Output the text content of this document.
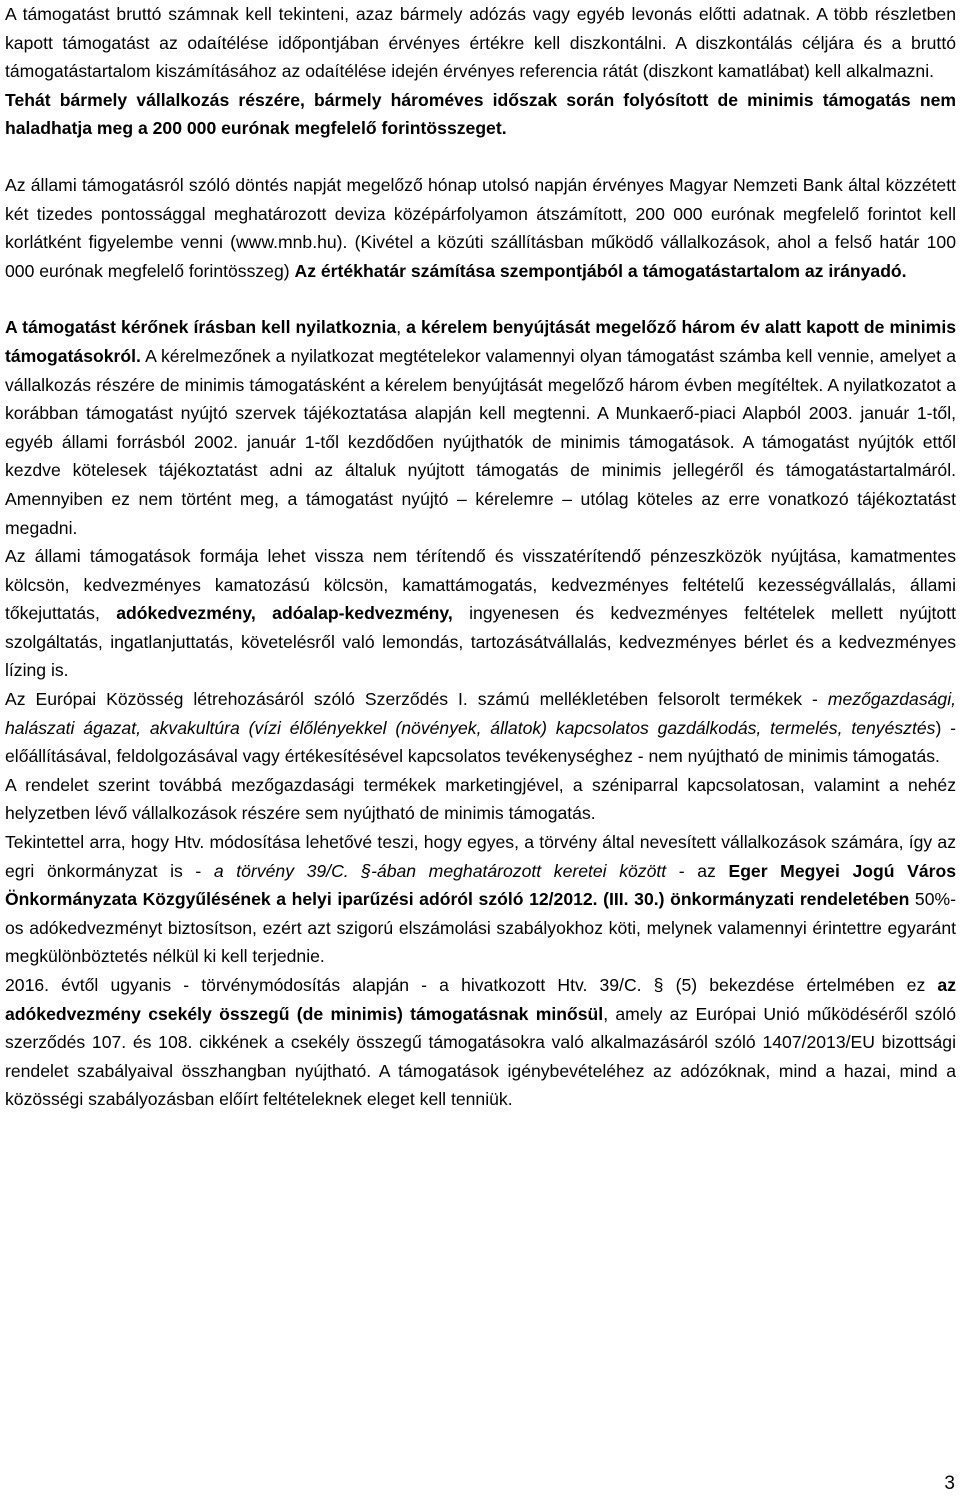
A támogatást bruttó számnak kell tekinteni, azaz bármely adózás vagy egyéb levonás előtti adatnak. A több részletben kapott támogatást az odaítélése időpontjában érvényes értékre kell diszkontálni. A diszkontálás céljára és a bruttó támogatástartalom kiszámításához az odaítélése idején érvényes referencia rátát (diszkont kamatlábat) kell alkalmazni.

Tehát bármely vállalkozás részére, bármely hároméves időszak során folyósított de minimis támogatás nem haladhatja meg a 200 000 eurónak megfelelő forintösszeget.

Az állami támogatásról szóló döntés napját megelőző hónap utolsó napján érvényes Magyar Nemzeti Bank által közzétett két tizedes pontossággal meghatározott deviza középárfolyamon átszámított, 200 000 eurónak megfelelő forintot kell korlátként figyelembe venni (www.mnb.hu). (Kivétel a közúti szállításban működő vállalkozások, ahol a felső határ 100 000 eurónak megfelelő forintösszeg) Az értékhatár számítása szempontjából a támogatástartalom az irányadó.

A támogatást kérőnek írásban kell nyilatkoznia, a kérelem benyújtását megelőző három év alatt kapott de minimis támogatásokról. A kérelmezőnek a nyilatkozat megtételekor valamennyi olyan támogatást számba kell vennie, amelyet a vállalkozás részére de minimis támogatásként a kérelem benyújtását megelőző három évben megítéltek. A nyilatkozatot a korábban támogatást nyújtó szervek tájékoztatása alapján kell megtenni. A Munkaerő-piaci Alapból 2003. január 1-től, egyéb állami forrásból 2002. január 1-től kezdődően nyújthatók de minimis támogatások. A támogatást nyújtók ettől kezdve kötelesek tájékoztatást adni az általuk nyújtott támogatás de minimis jellegéről és támogatástartalmáról. Amennyiben ez nem történt meg, a támogatást nyújtó – kérelemre – utólag köteles az erre vonatkozó tájékoztatást megadni.

Az állami támogatások formája lehet vissza nem térítendő és visszatérítendő pénzeszközök nyújtása, kamatmentes kölcsön, kedvezményes kamatozású kölcsön, kamattámogatás, kedvezményes feltételű kezességvállalás, állami tőkejuttatás, adókedvezmény, adóalap-kedvezmény, ingyenesen és kedvezményes feltételek mellett nyújtott szolgáltatás, ingatlanjuttatás, követelésről való lemondás, tartozásátvállalás, kedvezményes bérlet és a kedvezményes lízing is.

Az Európai Közösség létrehozásáról szóló Szerződés I. számú mellékletében felsorolt termékek - mezőgazdasági, halászati ágazat, akvakultúra (vízi élőlényekkel (növények, állatok) kapcsolatos gazdálkodás, termelés, tenyésztés) - előállításával, feldolgozásával vagy értékesítésével kapcsolatos tevékenységhez - nem nyújtható de minimis támogatás.

A rendelet szerint továbbá mezőgazdasági termékek marketingjével, a széniparral kapcsolatosan, valamint a nehéz helyzetben lévő vállalkozások részére sem nyújtható de minimis támogatás.

Tekintettel arra, hogy Htv. módosítása lehetővé teszi, hogy egyes, a törvény által nevesített vállalkozások számára, így az egri önkormányzat is - a törvény 39/C. §-ában meghatározott keretei között - az Eger Megyei Jogú Város Önkormányzata Közgyűlésének a helyi iparűzési adóról szóló 12/2012. (III. 30.) önkormányzati rendeletében 50%-os adókedvezményt biztosítson, ezért azt szigorú elszámolási szabályokhoz köti, melynek valamennyi érintettre egyaránt megkülönböztetés nélkül ki kell terjednie.

2016. évtől ugyanis - törvénymódosítás alapján - a hivatkozott Htv. 39/C. § (5) bekezdése értelmében ez az adókedvezmény csekély összegű (de minimis) támogatásnak minősül, amely az Európai Unió működéséről szóló szerződés 107. és 108. cikkének a csekély összegű támogatásokra való alkalmazásáról szóló 1407/2013/EU bizottsági rendelet szabályaival összhangban nyújtható. A támogatások igénybevételéhez az adózóknak, mind a hazai, mind a közösségi szabályozásban előírt feltételeknek eleget kell tenniük.

3
